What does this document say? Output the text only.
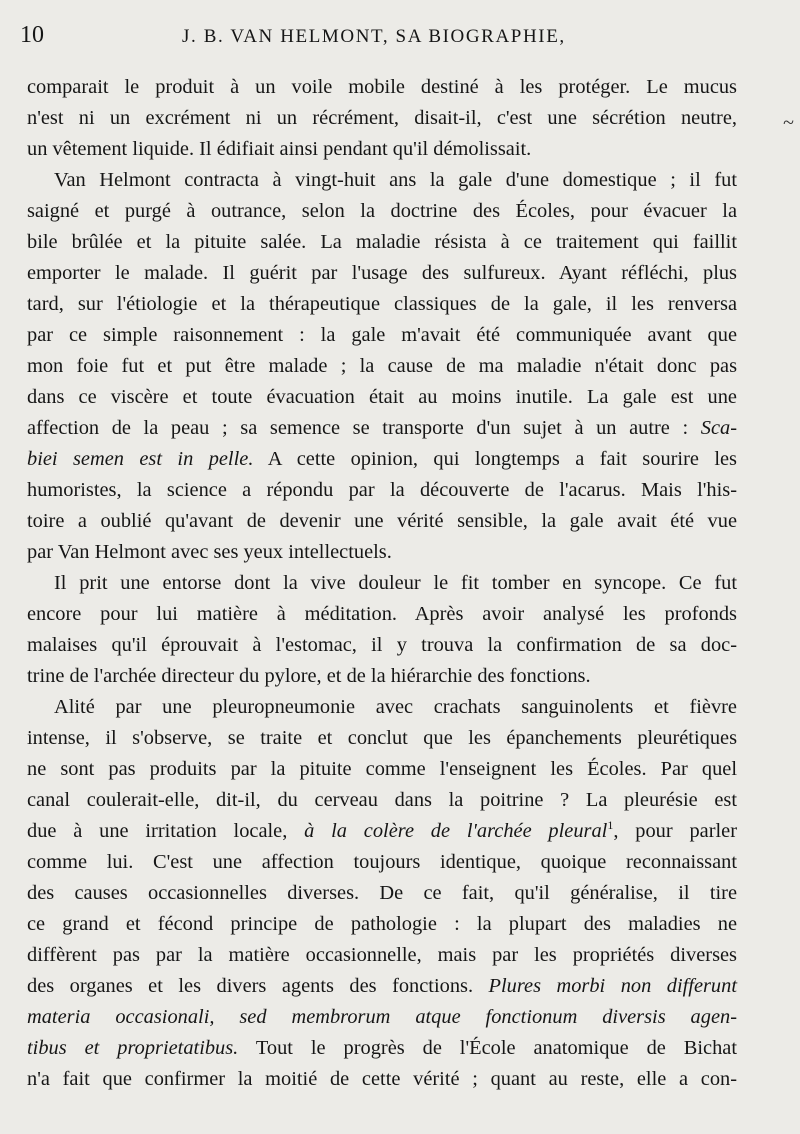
10	J. B. VAN HELMONT, SA BIOGRAPHIE,
~
comparait le produit à un voile mobile destiné à les protéger. Le mucus
n'est ni un excrément ni un récrément, disait-il, c'est une sécrétion neutre,
un vêtement liquide. Il édifiait ainsi pendant qu'il démolissait.
Van Helmont contracta à vingt-huit ans la gale d'une domestique ; il fut
saigné et purgé à outrance, selon la doctrine des Écoles, pour évacuer la
bile brûlée et la pituite salée. La maladie résista à ce traitement qui faillit
emporter le malade. Il guérit par l'usage des sulfureux. Ayant réfléchi, plus
tard, sur l'étiologie et la thérapeutique classiques de la gale, il les renversa
par ce simple raisonnement : la gale m'avait été communiquée avant que
mon foie fut et put être malade ; la cause de ma maladie n'était donc pas
dans ce viscère et toute évacuation était au moins inutile. La gale est une
affection de la peau ; sa semence se transporte d'un sujet à un autre : Sca-
biei semen est in pelle. A cette opinion, qui longtemps a fait sourire les
humoristes, la science a répondu par la découverte de l'acarus. Mais l'his-
toire a oublié qu'avant de devenir une vérité sensible, la gale avait été vue
par Van Helmont avec ses yeux intellectuels.
Il prit une entorse dont la vive douleur le fit tomber en syncope. Ce fut
encore pour lui matière à méditation. Après avoir analysé les profonds
malaises qu'il éprouvait à l'estomac, il y trouva la confirmation de sa doc-
trine de l'archée directeur du pylore, et de la hiérarchie des fonctions.
Alité par une pleuropneumonie avec crachats sanguinolents et fièvre
intense, il s'observe, se traite et conclut que les épanchements pleurétiques
ne sont pas produits par la pituite comme l'enseignent les Écoles. Par quel
canal coulerait-elle, dit-il, du cerveau dans la poitrine ? La pleurésie est
due à une irritation locale, à la colère de l'archée pleural$^1$, pour parler
comme lui. C'est une affection toujours identique, quoique reconnaissant
des causes occasionnelles diverses. De ce fait, qu'il généralise, il tire
ce grand et fécond principe de pathologie : la plupart des maladies ne
diffèrent pas par la matière occasionnelle, mais par les propriétés diverses
des organes et les divers agents des fonctions. Plures morbi non differunt
materia occasionali, sed membrorum atque fonctionum diversis agen-
tibus et proprietatibus. Tout le progrès de l'École anatomique de Bichat
n'a fait que confirmer la moitié de cette vérité ; quant au reste, elle a con-
